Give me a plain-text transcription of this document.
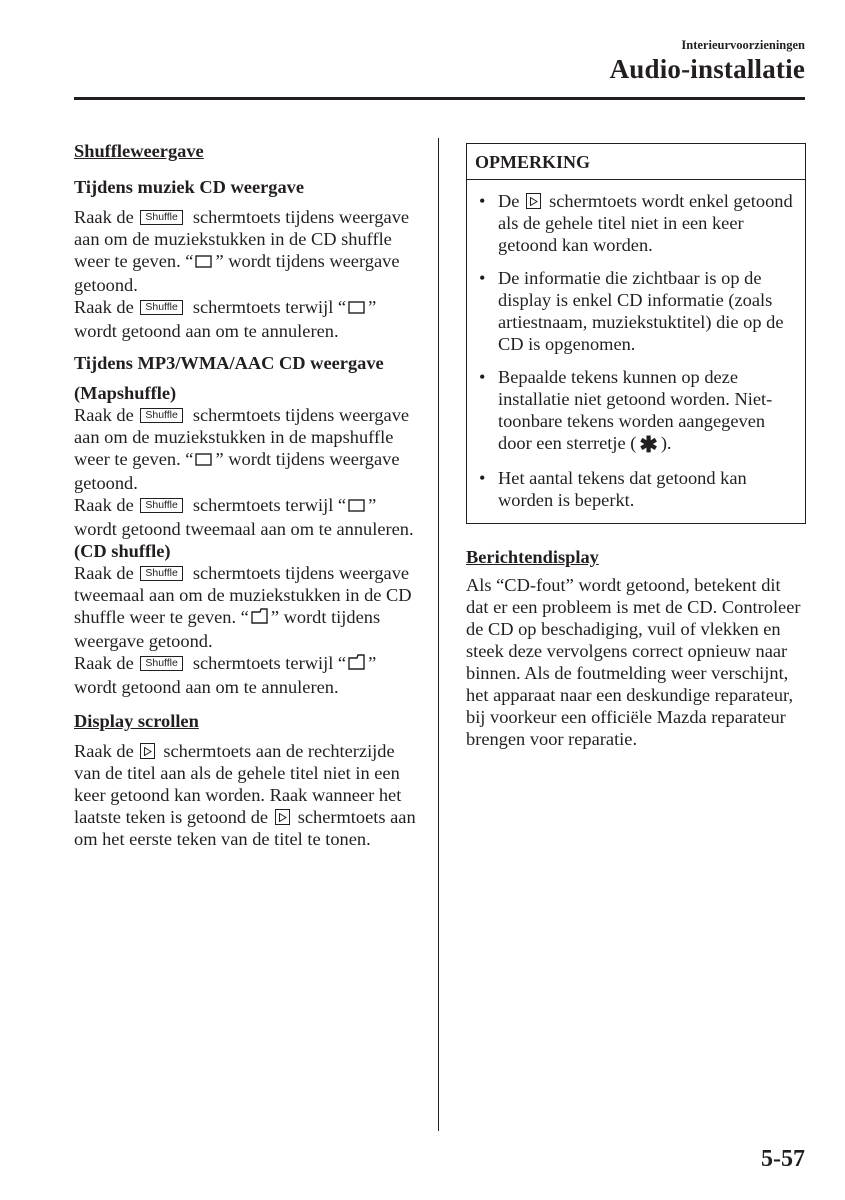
Interieurvoorzieningen
Audio-installatie

Shuffleweergave

Tijdens muziek CD weergave

Raak de Shuffle schermtoets tijdens weergave aan om de muziekstukken in de CD shuffle weer te geven. “ ” wordt tijdens weergave getoond.

Raak de Shuffle schermtoets terwijl “ ” wordt getoond aan om te annuleren.

Tijdens MP3/WMA/AAC CD weergave

(Mapshuffle)

Raak de Shuffle schermtoets tijdens weergave aan om de muziekstukken in de mapshuffle weer te geven. “ ” wordt tijdens weergave getoond.

Raak de Shuffle schermtoets terwijl “ ” wordt getoond tweemaal aan om te annuleren.

(CD shuffle)

Raak de Shuffle schermtoets tijdens weergave tweemaal aan om de muziekstukken in de CD shuffle weer te geven. “ ” wordt tijdens weergave getoond.

Raak de Shuffle schermtoets terwijl “ ” wordt getoond aan om te annuleren.

Display scrollen

Raak de schermtoets aan de rechterzijde van de titel aan als de gehele titel niet in een keer getoond kan worden. Raak wanneer het laatste teken is getoond de schermtoets aan om het eerste teken van de titel te tonen.

OPMERKING
• De schermtoets wordt enkel getoond als de gehele titel niet in een keer getoond kan worden.
• De informatie die zichtbaar is op de display is enkel CD informatie (zoals artiestnaam, muziekstuktitel) die op de CD is opgenomen.
• Bepaalde tekens kunnen op deze installatie niet getoond worden. Niet-toonbare tekens worden aangegeven door een sterretje ( ✱ ).
• Het aantal tekens dat getoond kan worden is beperkt.

Berichtendisplay

Als “CD-fout” wordt getoond, betekent dit dat er een probleem is met de CD. Controleer de CD op beschadiging, vuil of vlekken en steek deze vervolgens correct opnieuw naar binnen. Als de foutmelding weer verschijnt, het apparaat naar een deskundige reparateur, bij voorkeur een officiële Mazda reparateur brengen voor reparatie.

5-57
